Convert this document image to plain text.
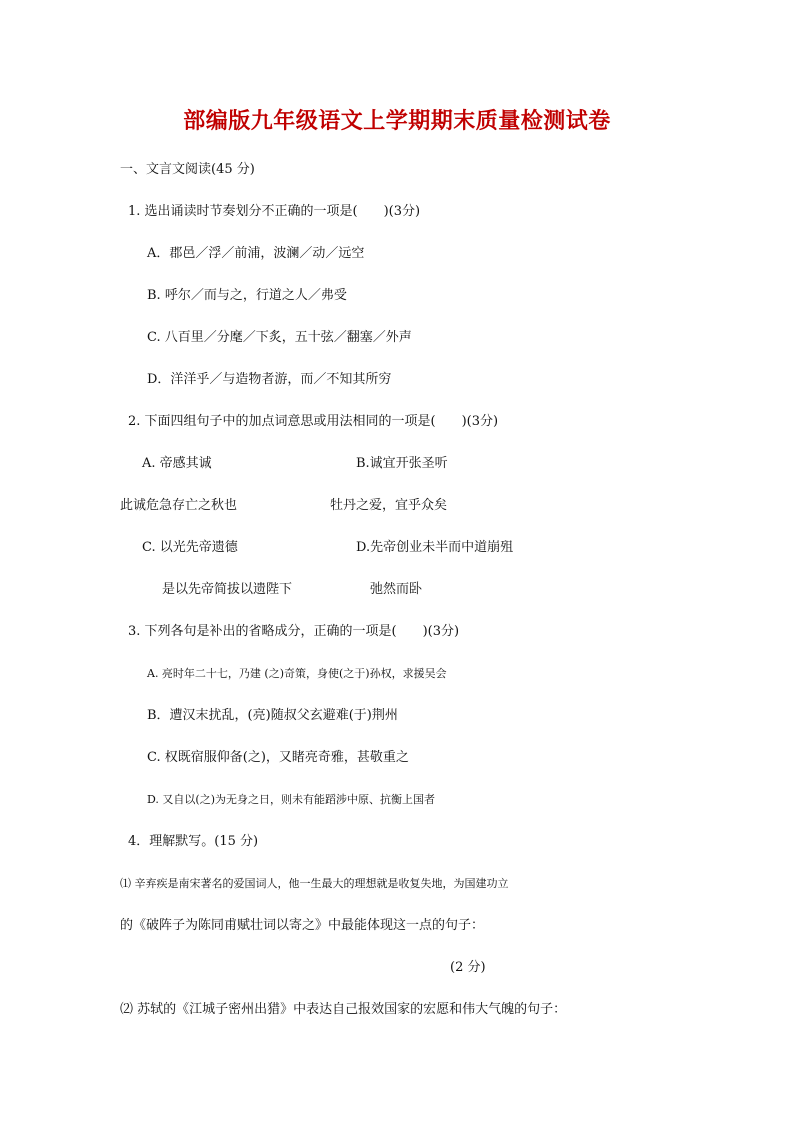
部编版九年级语文上学期期末质量检测试卷
一、文言文阅读(45 分)
1. 选出诵读时节奏划分不正确的一项是(　　)(3分)
A．郡邑／浮／前浦，波澜／动／远空
B. 呼尔／而与之，行道之人／弗受
C. 八百里／分麾／下炙，五十弦／翻塞／外声
D．洋洋乎／与造物者游，而／不知其所穷
2. 下面四组句子中的加点词意思或用法相同的一项是(　　)(3分)
A. 帝感其诚	B.诚宜开张圣听
此诚危急存亡之秋也	牡丹之爱，宜乎众矣
C. 以光先帝遗德	D.先帝创业未半而中道崩殂
是以先帝简拔以遗陛下	弛然而卧
3. 下列各句是补出的省略成分，正确的一项是(　　)(3分)
A. 亮时年二十七，乃建 (之)奇策，身使(之于)孙权，求援吴会
B．遭汉末扰乱，(亮)随叔父玄避难(于)荆州
C. 权既宿服仰备(之)，又睹亮奇雅，甚敬重之
D. 又自以(之)为无身之日，则未有能蹈涉中原、抗衡上国者
4．理解默写。(15 分)
⑴ 辛弃疾是南宋著名的爱国词人，他一生最大的理想就是收复失地，为国建功立
的《破阵子为陈同甫赋壮词以寄之》中最能体现这一点的句子：
(2 分)
⑵ 苏轼的《江城子密州出猎》中表达自己报效国家的宏愿和伟大气魄的句子：
